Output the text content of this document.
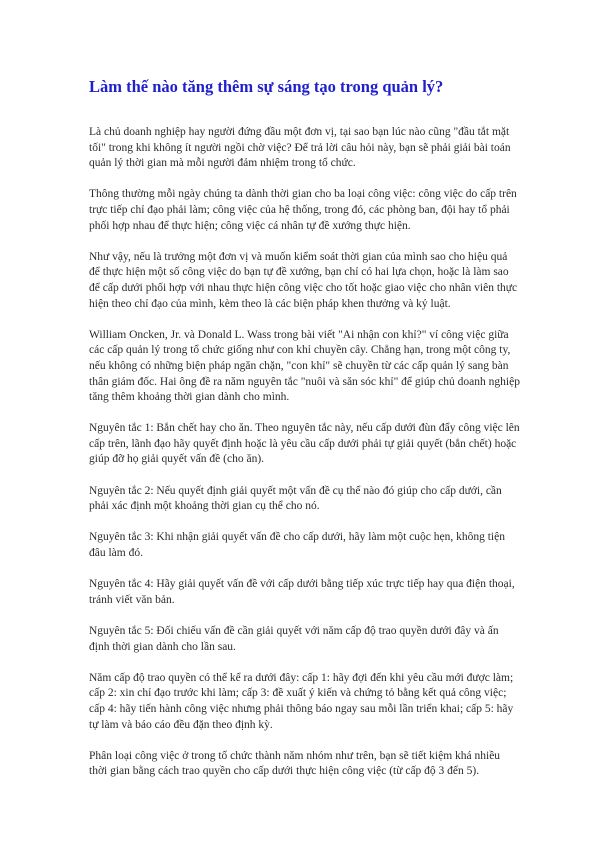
Làm thế nào tăng thêm sự sáng tạo trong quản lý?

Là chủ doanh nghiệp hay người đứng đầu một đơn vị, tại sao bạn lúc nào cũng "đầu tắt mặt tối" trong khi không ít người ngồi chờ việc? Để trả lời câu hỏi này, bạn sẽ phải giải bài toán quản lý thời gian mà mỗi người đảm nhiệm trong tổ chức.

Thông thường mỗi ngày chúng ta dành thời gian cho ba loại công việc: công việc do cấp trên trực tiếp chỉ đạo phải làm; công việc của hệ thống, trong đó, các phòng ban, đội hay tổ phải phối hợp nhau để thực hiện; công việc cá nhân tự đề xướng thực hiện.

Như vậy, nếu là trưởng một đơn vị và muốn kiểm soát thời gian của mình sao cho hiệu quả để thực hiện một số công việc do bạn tự đề xướng, bạn chỉ có hai lựa chọn, hoặc là làm sao để cấp dưới phối hợp với nhau thực hiện công việc cho tốt hoặc giao việc cho nhân viên thực hiện theo chỉ đạo của mình, kèm theo là các biện pháp khen thưởng và kỷ luật.

William Oncken, Jr. và Donald L. Wass trong bài viết "Ai nhận con khỉ?" ví công việc giữa các cấp quản lý trong tổ chức giống như con khỉ chuyền cây. Chẳng hạn, trong một công ty, nếu không có những biện pháp ngăn chặn, "con khỉ" sẽ chuyền từ các cấp quản lý sang bàn thân giám đốc. Hai ông đề ra năm nguyên tắc "nuôi và săn sóc khỉ" để giúp chủ doanh nghiệp tăng thêm khoảng thời gian dành cho mình.

Nguyên tắc 1: Bắn chết hay cho ăn. Theo nguyên tắc này, nếu cấp dưới đùn đẩy công việc lên cấp trên, lãnh đạo hãy quyết định hoặc là yêu cầu cấp dưới phải tự giải quyết (bắn chết) hoặc giúp đỡ họ giải quyết vấn đề (cho ăn).

Nguyên tắc 2: Nếu quyết định giải quyết một vấn đề cụ thể nào đó giúp cho cấp dưới, cần phải xác định một khoảng thời gian cụ thể cho nó.

Nguyên tắc 3: Khi nhận giải quyết vấn đề cho cấp dưới, hãy làm một cuộc hẹn, không tiện đâu làm đó.

Nguyên tắc 4: Hãy giải quyết vấn đề với cấp dưới bằng tiếp xúc trực tiếp hay qua điện thoại, tránh viết văn bản.

Nguyên tắc 5: Đối chiếu vấn đề cần giải quyết với năm cấp độ trao quyền dưới đây và ấn định thời gian dành cho lần sau.

Năm cấp độ trao quyền có thể kể ra dưới đây: cấp 1: hãy đợi đến khi yêu cầu mới được làm; cấp 2: xin chỉ đạo trước khi làm; cấp 3: đề xuất ý kiến và chứng tỏ bằng kết quả công việc; cấp 4: hãy tiến hành công việc nhưng phải thông báo ngay sau mỗi lần triển khai; cấp 5: hãy tự làm và báo cáo đều đặn theo định kỳ.

Phân loại công việc ở trong tổ chức thành năm nhóm như trên, bạn sẽ tiết kiệm khá nhiều thời gian bằng cách trao quyền cho cấp dưới thực hiện công việc (từ cấp độ 3 đến 5).
